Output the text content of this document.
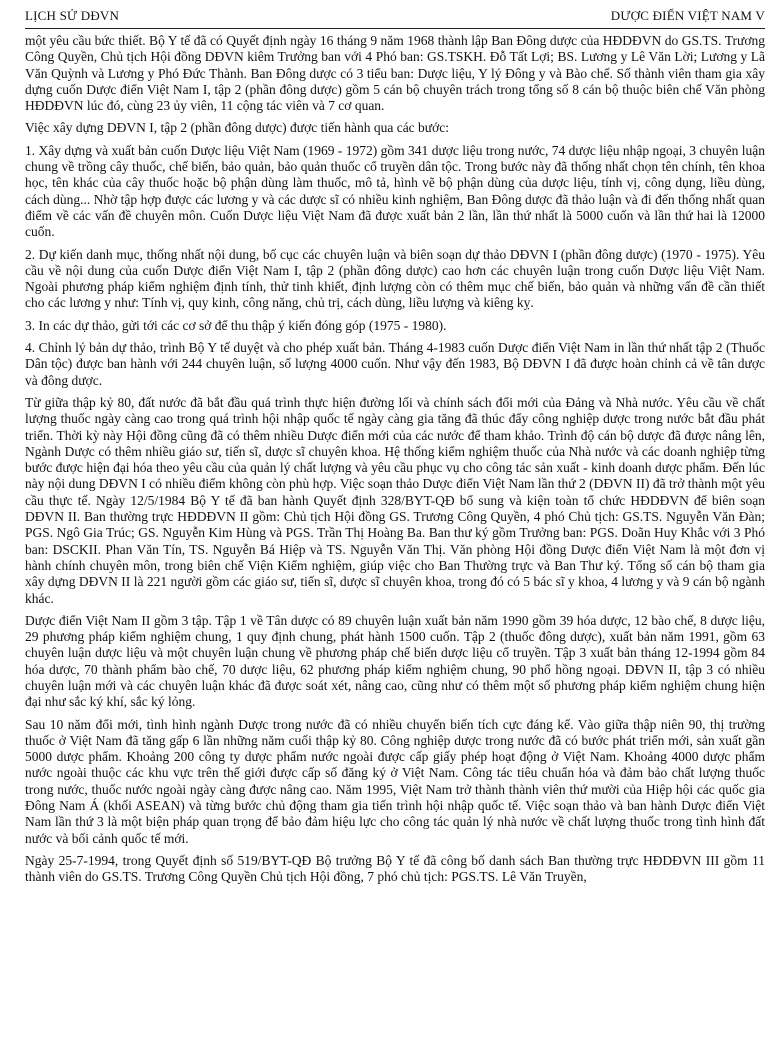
LỊCH SỬ DĐVN	DƯỢC ĐIỂN VIỆT NAM V

một yêu cầu bức thiết. Bộ Y tế đã có Quyết định ngày 16 tháng 9 năm 1968 thành lập Ban Đông dược của HĐDĐVN do GS.TS. Trương Công Quyền, Chủ tịch Hội đồng DĐVN kiêm Trưởng ban với 4 Phó ban: GS.TSKH. Đỗ Tất Lợi; BS. Lương y Lê Văn Lời; Lương y Lã Văn Quỳnh và Lương y Phó Đức Thành. Ban Đông dược có 3 tiểu ban: Dược liệu, Y lý Đông y và Bào chế. Số thành viên tham gia xây dựng cuốn Dược điển Việt Nam I, tập 2 (phần đông dược) gồm 5 cán bộ chuyên trách trong tổng số 8 cán bộ thuộc biên chế Văn phòng HĐDĐVN lúc đó, cùng 23 ủy viên, 11 cộng tác viên và 7 cơ quan.

Việc xây dựng DĐVN I, tập 2 (phần đông dược) được tiến hành qua các bước:

1. Xây dựng và xuất bản cuốn Dược liệu Việt Nam (1969 - 1972) gồm 341 dược liệu trong nước, 74 dược liệu nhập ngoại, 3 chuyên luận chung về trồng cây thuốc, chế biến, bảo quản, bảo quản thuốc cổ truyền dân tộc. Trong bước này đã thống nhất chọn tên chính, tên khoa học, tên khác của cây thuốc hoặc bộ phận dùng làm thuốc, mô tả, hình vẽ bộ phận dùng của dược liệu, tính vị, công dụng, liều dùng, cách dùng... Nhờ tập hợp được các lương y và các dược sĩ có nhiều kinh nghiệm, Ban Đông dược đã thảo luận và đi đến thống nhất quan điểm về các vấn đề chuyên môn. Cuốn Dược liệu Việt Nam đã được xuất bản 2 lần, lần thứ nhất là 5000 cuốn và lần thứ hai là 12000 cuốn.

2. Dự kiến danh mục, thống nhất nội dung, bố cục các chuyên luận và biên soạn dự thảo DĐVN I (phần đông dược) (1970 - 1975). Yêu cầu về nội dung của cuốn Dược điển Việt Nam I, tập 2 (phần đông dược) cao hơn các chuyên luận trong cuốn Dược liệu Việt Nam. Ngoài phương pháp kiểm nghiệm định tính, thử tinh khiết, định lượng còn có thêm mục chế biến, bảo quản và những vấn đề cần thiết cho các lương y như: Tính vị, quy kinh, công năng, chủ trị, cách dùng, liều lượng và kiêng kỵ.

3. In các dự thảo, gửi tới các cơ sở để thu thập ý kiến đóng góp (1975 - 1980).

4. Chỉnh lý bản dự thảo, trình Bộ Y tế duyệt và cho phép xuất bản. Tháng 4-1983 cuốn Dược điển Việt Nam in lần thứ nhất tập 2 (Thuốc Dân tộc) được ban hành với 244 chuyên luận, số lượng 4000 cuốn. Như vậy đến 1983, Bộ DĐVN I đã được hoàn chỉnh cả về tân dược và đông dược.

Từ giữa thập kỷ 80, đất nước đã bắt đầu quá trình thực hiện đường lối và chính sách đổi mới của Đảng và Nhà nước. Yêu cầu về chất lượng thuốc ngày càng cao trong quá trình hội nhập quốc tế ngày càng gia tăng đã thúc đẩy công nghiệp dược trong nước bắt đầu phát triển. Thời kỳ này Hội đồng cũng đã có thêm nhiều Dược điển mới của các nước để tham khảo. Trình độ cán bộ dược đã được nâng lên, Ngành Dược có thêm nhiều giáo sư, tiến sĩ, dược sĩ chuyên khoa. Hệ thống kiểm nghiệm thuốc của Nhà nước và các doanh nghiệp từng bước được hiện đại hóa theo yêu cầu của quản lý chất lượng và yêu cầu phục vụ cho công tác sản xuất - kinh doanh dược phẩm. Đến lúc này nội dung DĐVN I có nhiều điểm không còn phù hợp. Việc soạn thảo Dược điển Việt Nam lần thứ 2 (DĐVN II) đã trở thành một yêu cầu thực tế. Ngày 12/5/1984 Bộ Y tế đã ban hành Quyết định 328/BYT-QĐ bổ sung và kiện toàn tổ chức HĐDĐVN để biên soạn DĐVN II. Ban thường trực HĐDĐVN II gồm: Chủ tịch Hội đồng GS. Trương Công Quyền, 4 phó Chủ tịch: GS.TS. Nguyễn Văn Đàn; PGS. Ngô Gia Trúc; GS. Nguyễn Kim Hùng và PGS. Trần Thị Hoàng Ba. Ban thư ký gồm Trưởng ban: PGS. Doãn Huy Khắc với 3 Phó ban: DSCKII. Phan Văn Tín, TS. Nguyễn Bá Hiệp và TS. Nguyễn Văn Thị. Văn phòng Hội đồng Dược điển Việt Nam là một đơn vị hành chính chuyên môn, trong biên chế Viện Kiểm nghiệm, giúp việc cho Ban Thường trực và Ban Thư ký. Tổng số cán bộ tham gia xây dựng DĐVN II là 221 người gồm các giáo sư, tiến sĩ, dược sĩ chuyên khoa, trong đó có 5 bác sĩ y khoa, 4 lương y và 9 cán bộ ngành khác.

Dược điển Việt Nam II gồm 3 tập. Tập 1 về Tân dược có 89 chuyên luận xuất bản năm 1990 gồm 39 hóa dược, 12 bào chế, 8 dược liệu, 29 phương pháp kiểm nghiệm chung, 1 quy định chung, phát hành 1500 cuốn. Tập 2 (thuốc đông dược), xuất bản năm 1991, gồm 63 chuyên luận dược liệu và một chuyên luận chung về phương pháp chế biến dược liệu cổ truyền. Tập 3 xuất bản tháng 12-1994 gồm 84 hóa dược, 70 thành phẩm bào chế, 70 dược liệu, 62 phương pháp kiểm nghiệm chung, 90 phổ hồng ngoại. DĐVN II, tập 3 có nhiều chuyên luận mới và các chuyên luận khác đã được soát xét, nâng cao, cũng như có thêm một số phương pháp kiểm nghiệm chung hiện đại như sắc ký khí, sắc ký lỏng.

Sau 10 năm đổi mới, tình hình ngành Dược trong nước đã có nhiều chuyển biến tích cực đáng kể. Vào giữa thập niên 90, thị trường thuốc ở Việt Nam đã tăng gấp 6 lần những năm cuối thập kỷ 80. Công nghiệp dược trong nước đã có bước phát triển mới, sản xuất gần 5000 dược phẩm. Khoảng 200 công ty dược phẩm nước ngoài được cấp giấy phép hoạt động ở Việt Nam. Khoảng 4000 dược phẩm nước ngoài thuộc các khu vực trên thế giới được cấp số đăng ký ở Việt Nam. Công tác tiêu chuẩn hóa và đảm bảo chất lượng thuốc trong nước, thuốc nước ngoài ngày càng được nâng cao. Năm 1995, Việt Nam trở thành thành viên thứ mười của Hiệp hội các quốc gia Đông Nam Á (khối ASEAN) và từng bước chủ động tham gia tiến trình hội nhập quốc tế. Việc soạn thảo và ban hành Dược điển Việt Nam lần thứ 3 là một biện pháp quan trọng để bảo đảm hiệu lực cho công tác quản lý nhà nước về chất lượng thuốc trong tình hình đất nước và bối cảnh quốc tế mới.

Ngày 25-7-1994, trong Quyết định số 519/BYT-QĐ Bộ trưởng Bộ Y tế đã công bố danh sách Ban thường trực HĐDĐVN III gồm 11 thành viên do GS.TS. Trương Công Quyền Chủ tịch Hội đồng, 7 phó chủ tịch: PGS.TS. Lê Văn Truyền,
